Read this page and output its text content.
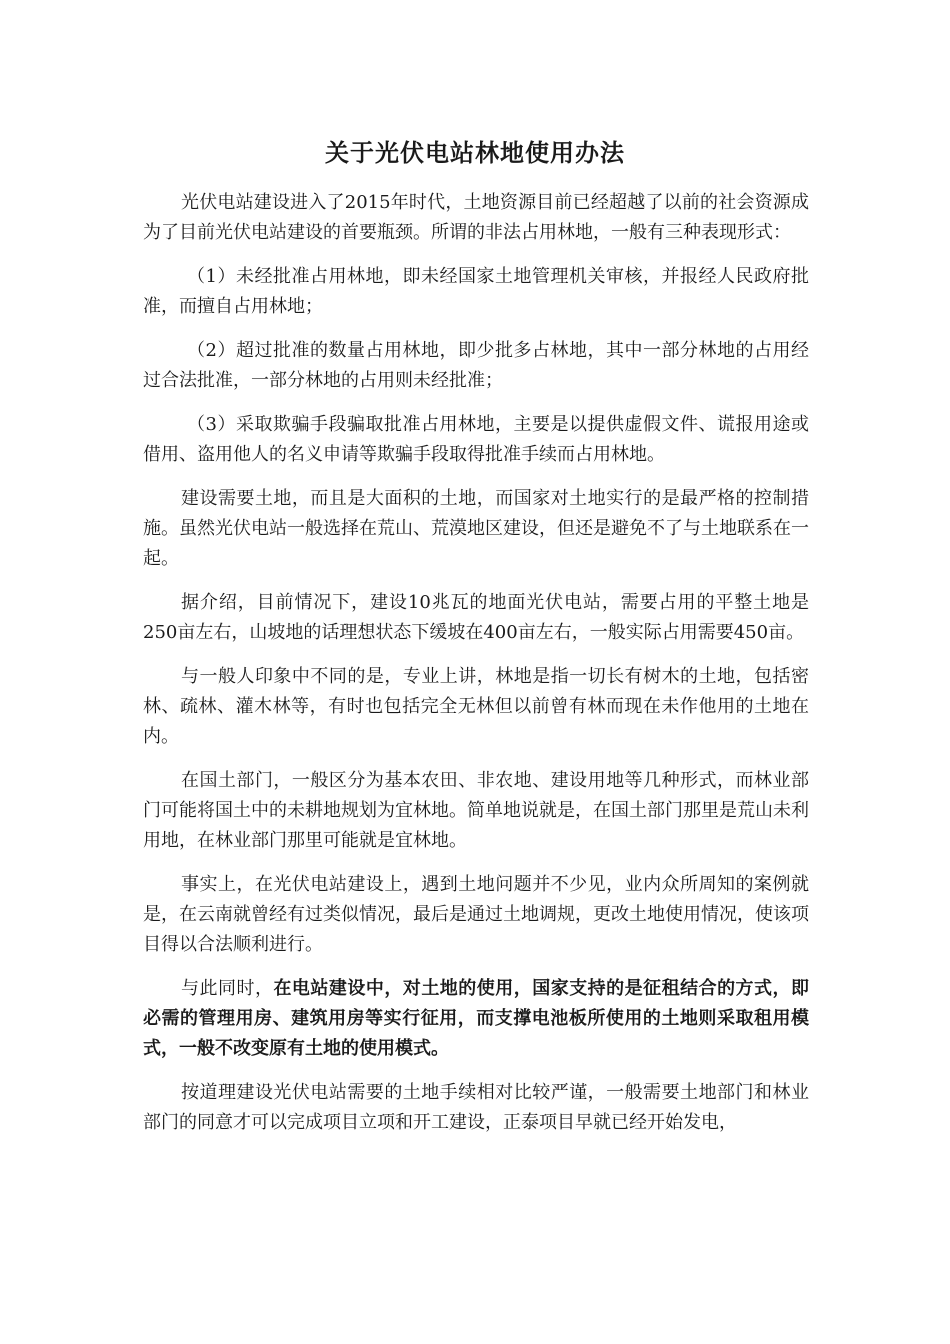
关于光伏电站林地使用办法

光伏电站建设进入了2015年时代，土地资源目前已经超越了以前的社会资源成为了目前光伏电站建设的首要瓶颈。所谓的非法占用林地，一般有三种表现形式：

（1）未经批准占用林地，即未经国家土地管理机关审核，并报经人民政府批准，而擅自占用林地；

（2）超过批准的数量占用林地，即少批多占林地，其中一部分林地的占用经过合法批准，一部分林地的占用则未经批准；

（3）采取欺骗手段骗取批准占用林地，主要是以提供虚假文件、谎报用途或借用、盗用他人的名义申请等欺骗手段取得批准手续而占用林地。

建设需要土地，而且是大面积的土地，而国家对土地实行的是最严格的控制措施。虽然光伏电站一般选择在荒山、荒漠地区建设，但还是避免不了与土地联系在一起。

据介绍，目前情况下，建设10兆瓦的地面光伏电站，需要占用的平整土地是250亩左右，山坡地的话理想状态下缓坡在400亩左右，一般实际占用需要450亩。

与一般人印象中不同的是，专业上讲，林地是指一切长有树木的土地，包括密林、疏林、灌木林等，有时也包括完全无林但以前曾有林而现在未作他用的土地在内。

在国土部门，一般区分为基本农田、非农地、建设用地等几种形式，而林业部门可能将国土中的未耕地规划为宜林地。简单地说就是，在国土部门那里是荒山未利用地，在林业部门那里可能就是宜林地。

事实上，在光伏电站建设上，遇到土地问题并不少见，业内众所周知的案例就是，在云南就曾经有过类似情况，最后是通过土地调规，更改土地使用情况，使该项目得以合法顺利进行。

与此同时，在电站建设中，对土地的使用，国家支持的是征租结合的方式，即必需的管理用房、建筑用房等实行征用，而支撑电池板所使用的土地则采取租用模式，一般不改变原有土地的使用模式。

按道理建设光伏电站需要的土地手续相对比较严谨，一般需要土地部门和林业部门的同意才可以完成项目立项和开工建设，正泰项目早就已经开始发电，
